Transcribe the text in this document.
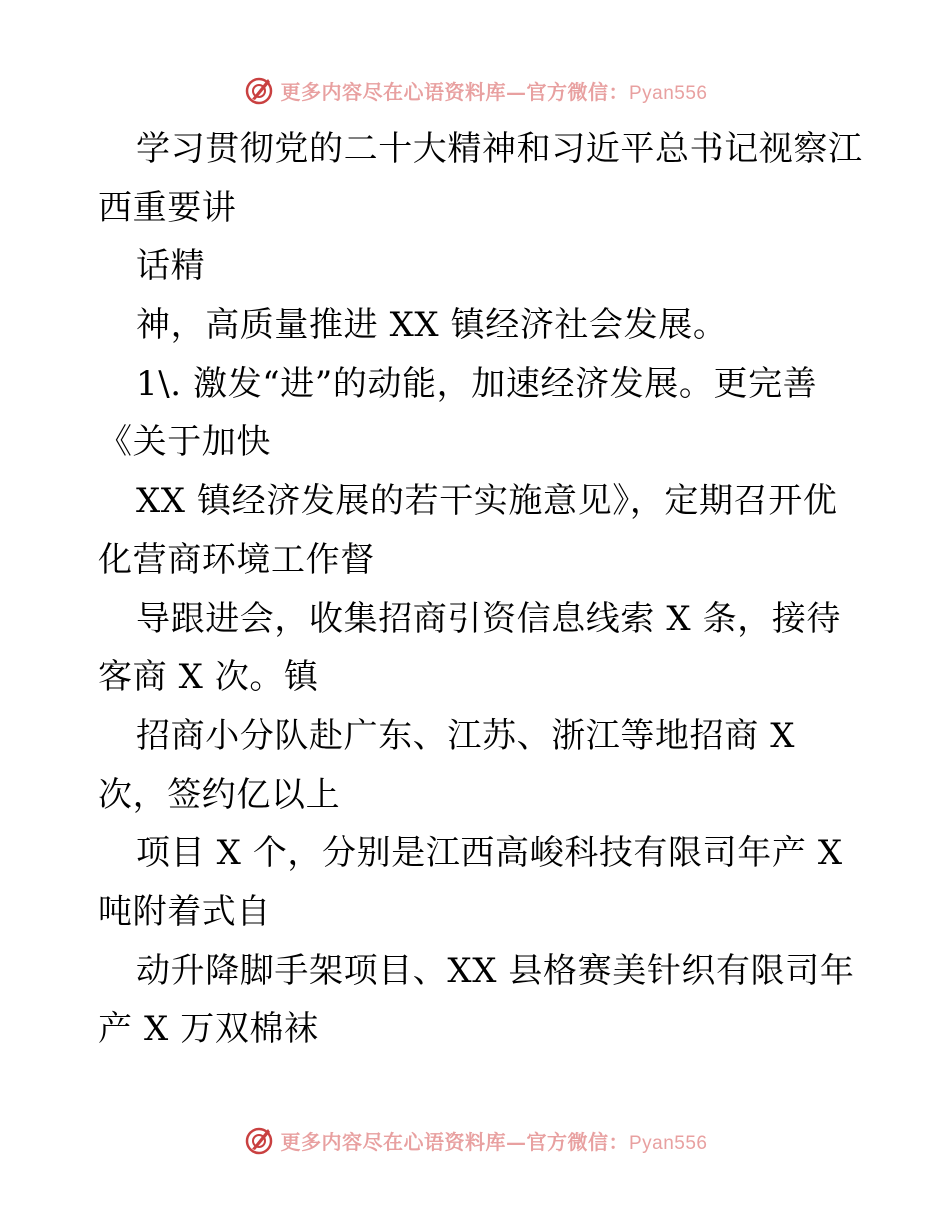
更多内容尽在心语资料库—官方微信：Pyan556
学习贯彻党的二十大精神和习近平总书记视察江
西重要讲
话精
神，高质量推进 XX 镇经济社会发展。
1\. 激发“进”的动能，加速经济发展。更完善
《关于加快
XX 镇经济发展的若干实施意见》，定期召开优
化营商环境工作督
导跟进会，收集招商引资信息线索 X 条，接待
客商 X 次。镇
招商小分队赴广东、江苏、浙江等地招商 X
次，签约亿以上
项目 X 个，分别是江西高峻科技有限司年产 X
吨附着式自
动升降脚手架项目、XX 县格赛美针织有限司年
产 X 万双棉袜
更多内容尽在心语资料库—官方微信：Pyan556
